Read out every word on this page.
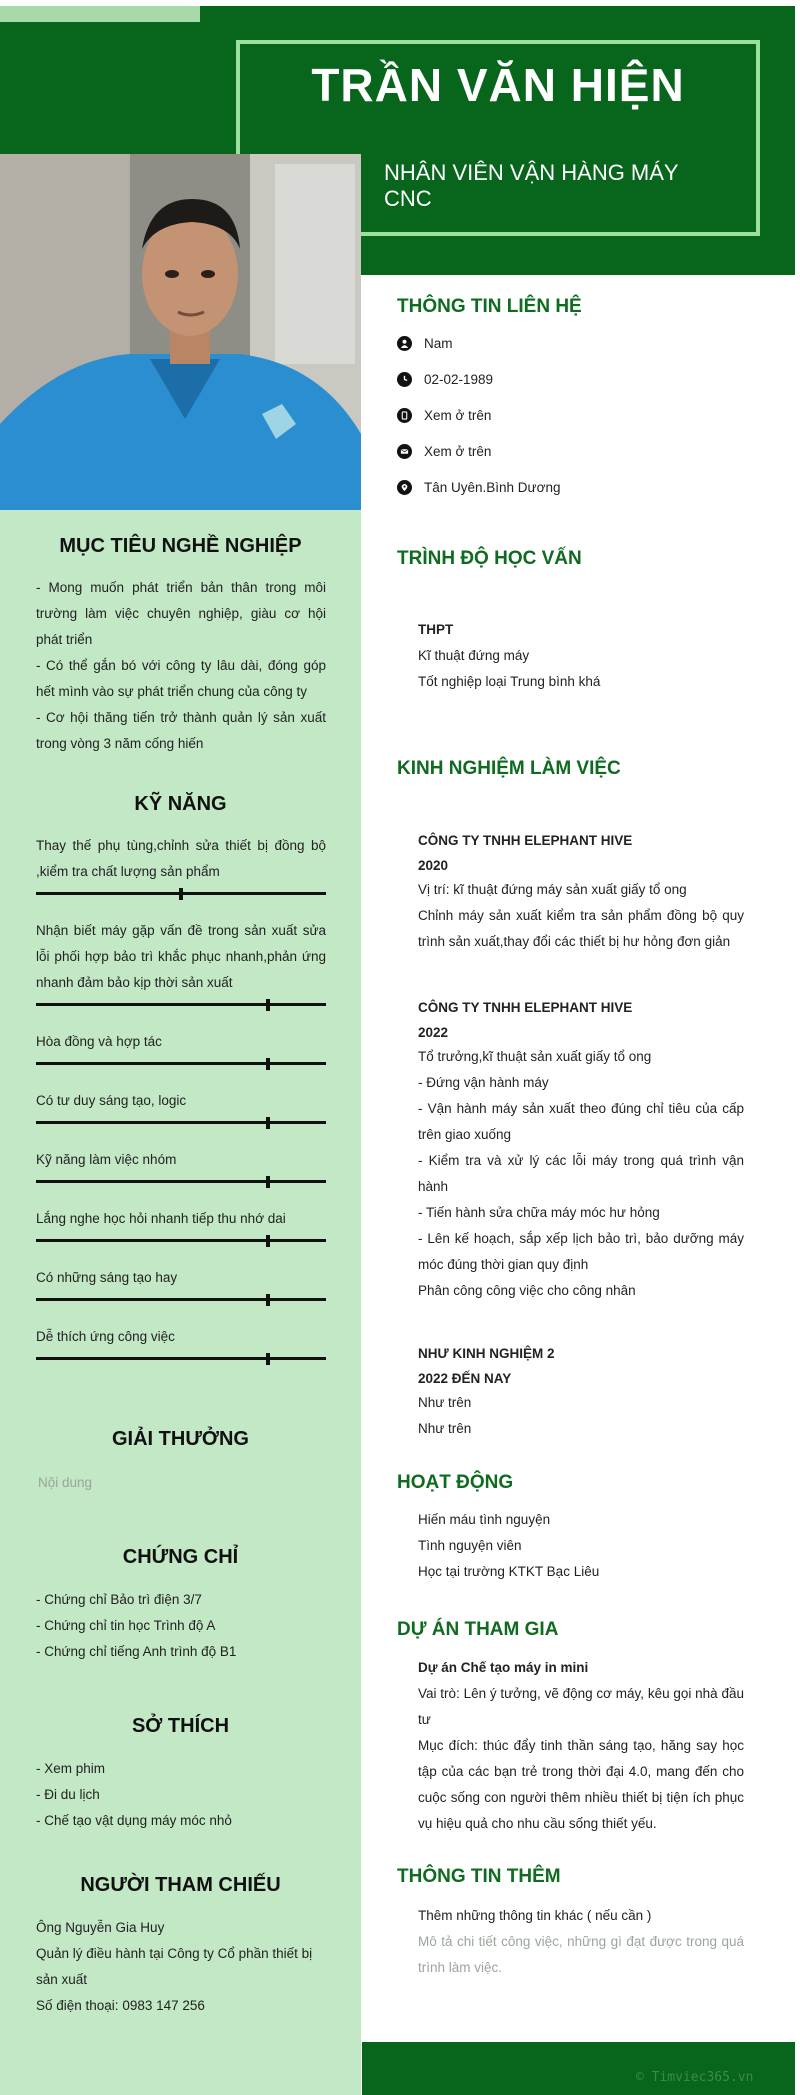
TRẦN VĂN HIỆN
NHÂN VIÊN VẬN HÀNG MÁY CNC
MỤC TIÊU NGHỀ NGHIỆP
- Mong muốn phát triển bản thân trong môi trường làm việc chuyên nghiệp, giàu cơ hội phát triển
- Có thể gắn bó với công ty lâu dài, đóng góp hết mình vào sự phát triển chung của công ty
- Cơ hội thăng tiến trở thành quản lý sản xuất trong vòng 3 năm cống hiến
KỸ NĂNG
Thay thế phụ tùng,chỉnh sửa thiết bị đồng bộ ,kiểm tra chất lượng sản phẩm
Nhận biết máy gặp vấn đề trong sản xuất sửa lỗi phối hợp bảo trì khắc phục nhanh,phản ứng nhanh đảm bảo kịp thời sản xuất
Hòa đồng và hợp tác
Có tư duy sáng tạo, logic
Kỹ năng làm việc nhóm
Lắng nghe học hỏi nhanh tiếp thu nhớ dai
Có những sáng tạo hay
Dễ thích ứng công việc
GIẢI THƯỞNG
Nội dung
CHỨNG CHỈ
- Chứng chỉ Bảo trì điện 3/7
- Chứng chỉ tin học Trình độ A
- Chứng chỉ tiếng Anh trình độ B1
SỞ THÍCH
- Xem phim
- Đi du lịch
- Chế tạo vật dụng máy móc nhỏ
NGƯỜI THAM CHIẾU
Ông Nguyễn Gia Huy
Quản lý điều hành tại Công ty Cổ phần thiết bị sản xuất
Số điện thoại: 0983 147 256
THÔNG TIN LIÊN HỆ
Nam
02-02-1989
Xem ở trên
Xem ở trên
Tân Uyên.Bình Dương
TRÌNH ĐỘ HỌC VẤN
THPT
Kĩ thuật đứng máy
Tốt nghiệp loại Trung bình khá
KINH NGHIỆM LÀM VIỆC
CÔNG TY TNHH ELEPHANT HIVE
2020
Vị trí: kĩ thuật đứng máy sản xuất giấy tổ ong
Chỉnh máy sản xuất kiểm tra sản phẩm đồng bộ quy trình sản xuất,thay đổi các thiết bị hư hỏng đơn giản
CÔNG TY TNHH ELEPHANT HIVE
2022
Tổ trưởng,kĩ thuật sản xuất giấy tổ ong
- Đứng vận hành máy
- Vận hành máy sản xuất theo đúng chỉ tiêu của cấp trên giao xuống
- Kiểm tra và xử lý các lỗi máy trong quá trình vận hành
- Tiến hành sửa chữa máy móc hư hỏng
- Lên kế hoạch, sắp xếp lịch bảo trì, bảo dưỡng máy móc đúng thời gian quy định
Phân công công việc cho công nhân
NHƯ KINH NGHIỆM 2
2022 ĐẾN NAY
Như trên
Như trên
HOẠT ĐỘNG
Hiến máu tình nguyện
Tình nguyện viên
Học tại trường KTKT Bạc Liêu
DỰ ÁN THAM GIA
Dự án Chế tạo máy in mini
Vai trò: Lên ý tưởng, vẽ động cơ máy, kêu gọi nhà đầu tư
Mục đích: thúc đẩy tinh thần sáng tạo, hăng say học tập của các bạn trẻ trong thời đại 4.0, mang đến cho cuộc sống con người thêm nhiều thiết bị tiện ích phục vụ hiệu quả cho nhu cầu sống thiết yếu.
THÔNG TIN THÊM
Thêm những thông tin khác ( nếu cần )
Mô tả chi tiết công việc, những gì đạt được trong quá trình làm việc.
© Timviec365.vn
